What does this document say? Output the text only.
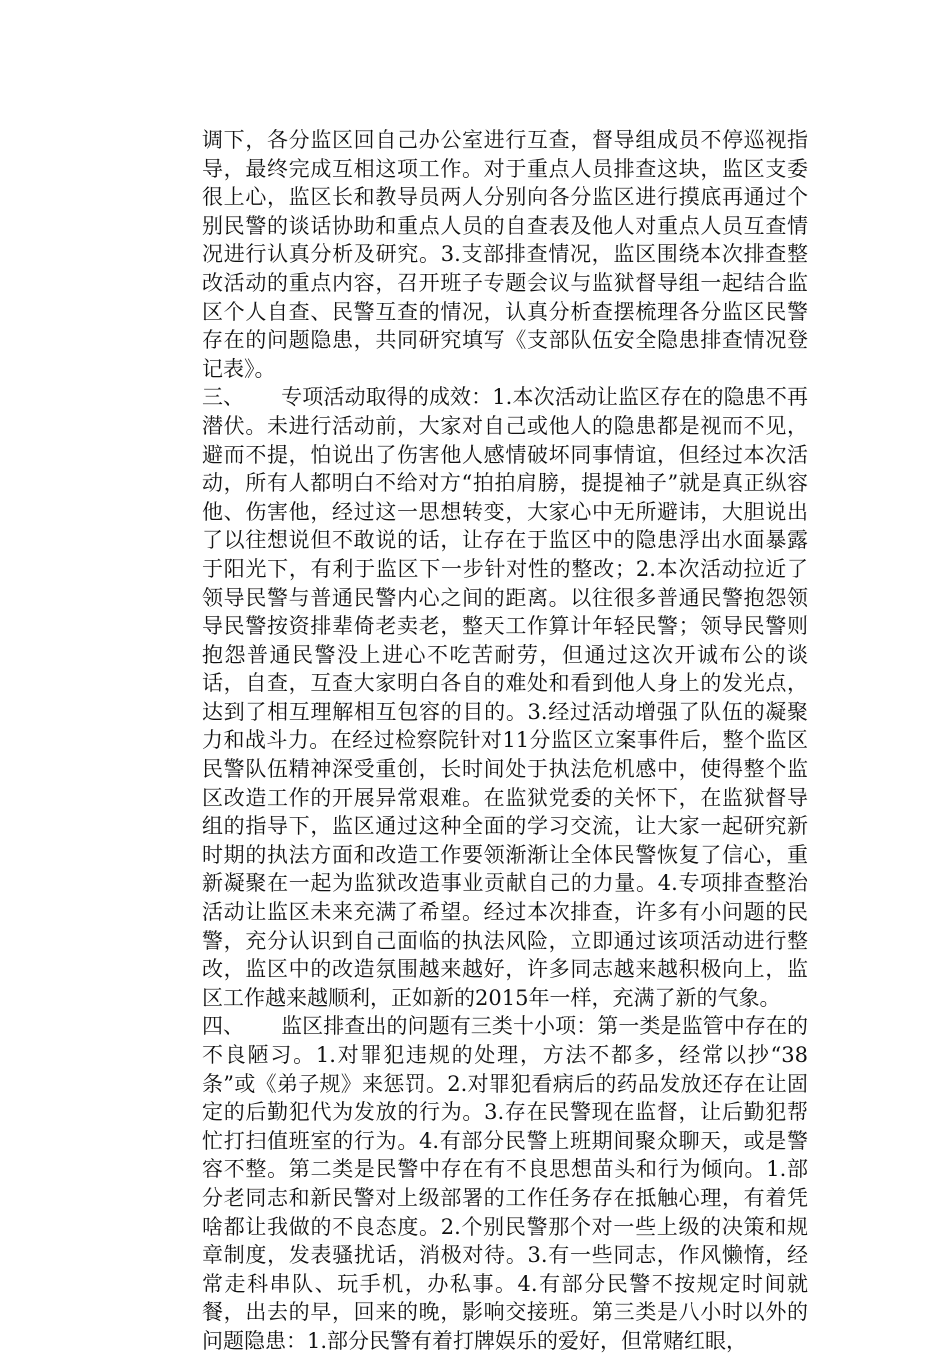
调下，各分监区回自己办公室进行互查，督导组成员不停巡视指导，最终完成互相这项工作。对于重点人员排查这块，监区支委很上心，监区长和教导员两人分别向各分监区进行摸底再通过个别民警的谈话协助和重点人员的自查表及他人对重点人员互查情况进行认真分析及研究。3.支部排查情况，监区围绕本次排查整改活动的重点内容，召开班子专题会议与监狱督导组一起结合监区个人自查、民警互查的情况，认真分析查摆梳理各分监区民警存在的问题隐患，共同研究填写《支部队伍安全隐患排查情况登记表》。

三、 专项活动取得的成效：1.本次活动让监区存在的隐患不再潜伏。未进行活动前，大家对自己或他人的隐患都是视而不见，避而不提，怕说出了伤害他人感情破坏同事情谊，但经过本次活动，所有人都明白不给对方“拍拍肩膀，提提袖子”就是真正纵容他、伤害他，经过这一思想转变，大家心中无所避讳，大胆说出了以往想说但不敢说的话，让存在于监区中的隐患浮出水面暴露于阳光下，有利于监区下一步针对性的整改；2.本次活动拉近了领导民警与普通民警内心之间的距离。以往很多普通民警抱怨领导民警按资排辈倚老卖老，整天工作算计年轻民警；领导民警则抱怨普通民警没上进心不吃苦耐劳，但通过这次开诚布公的谈话，自查，互查大家明白各自的难处和看到他人身上的发光点， 达到了相互理解相互包容的目的。3.经过活动增强了队伍的凝聚力和战斗力。在经过检察院针对11分监区立案事件后，整个监区民警队伍精神深受重创，长时间处于执法危机感中，使得整个监区改造工作的开展异常艰难。在监狱党委的关怀下，在监狱督导组的指导下，监区通过这种全面的学习交流，让大家一起研究新时期的执法方面和改造工作要领渐渐让全体民警恢复了信心，重新凝聚在一起为监狱改造事业贡献自己的力量。4.专项排查整治活动让监区未来充满了希望。经过本次排查，许多有小问题的民警，充分认识到自己面临的执法风险，立即通过该项活动进行整改，监区中的改造氛围越来越好，许多同志越来越积极向上，监区工作越来越顺利，正如新的2015年一样，充满了新的气象。

四、 监区排查出的问题有三类十小项：第一类是监管中存在的不良陋习。1.对罪犯违规的处理，方法不都多，经常以抄“38条”或《弟子规》来惩罚。2.对罪犯看病后的药品发放还存在让固定的后勤犯代为发放的行为。3.存在民警现在监督，让后勤犯帮忙打扫值班室的行为。4.有部分民警上班期间聚众聊天，或是警容不整。第二类是民警中存在有不良思想苗头和行为倾向。1.部分老同志和新民警对上级部署的工作任务存在抵触心理，有着凭啥都让我做的不良态度。2.个别民警那个对一些上级的决策和规章制度，发表骚扰话，消极对待。3.有一些同志，作风懒惰，经常走科串队、玩手机，办私事。4.有部分民警不按规定时间就餐，出去的早，回来的晚，影响交接班。第三类是八小时以外的问题隐患：1.部分民警有着打牌娱乐的爱好，但常赌红眼，
